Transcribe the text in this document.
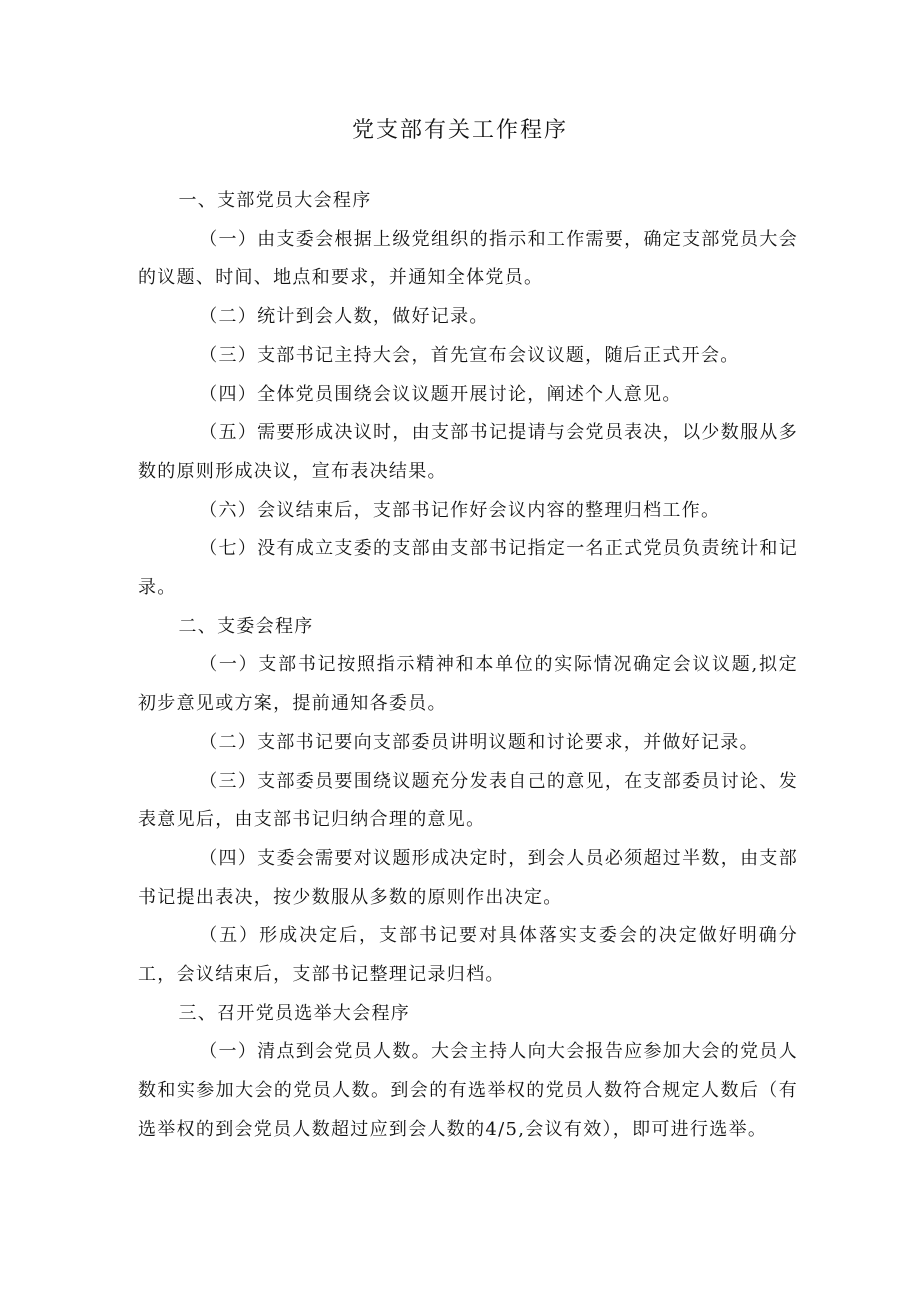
党支部有关工作程序

一、支部党员大会程序

（一）由支委会根据上级党组织的指示和工作需要，确定支部党员大会的议题、时间、地点和要求，并通知全体党员。

（二）统计到会人数，做好记录。

（三）支部书记主持大会，首先宣布会议议题，随后正式开会。

（四）全体党员围绕会议议题开展讨论，阐述个人意见。

（五）需要形成决议时，由支部书记提请与会党员表决，以少数服从多数的原则形成决议，宣布表决结果。

（六）会议结束后，支部书记作好会议内容的整理归档工作。

（七）没有成立支委的支部由支部书记指定一名正式党员负责统计和记录。

二、支委会程序

（一）支部书记按照指示精神和本单位的实际情况确定会议议题,拟定初步意见或方案，提前通知各委员。

（二）支部书记要向支部委员讲明议题和讨论要求，并做好记录。

（三）支部委员要围绕议题充分发表自己的意见，在支部委员讨论、发表意见后，由支部书记归纳合理的意见。

（四）支委会需要对议题形成决定时，到会人员必须超过半数，由支部书记提出表决，按少数服从多数的原则作出决定。

（五）形成决定后，支部书记要对具体落实支委会的决定做好明确分工，会议结束后，支部书记整理记录归档。

三、召开党员选举大会程序

（一）清点到会党员人数。大会主持人向大会报告应参加大会的党员人数和实参加大会的党员人数。到会的有选举权的党员人数符合规定人数后（有选举权的到会党员人数超过应到会人数的4/5,会议有效），即可进行选举。
